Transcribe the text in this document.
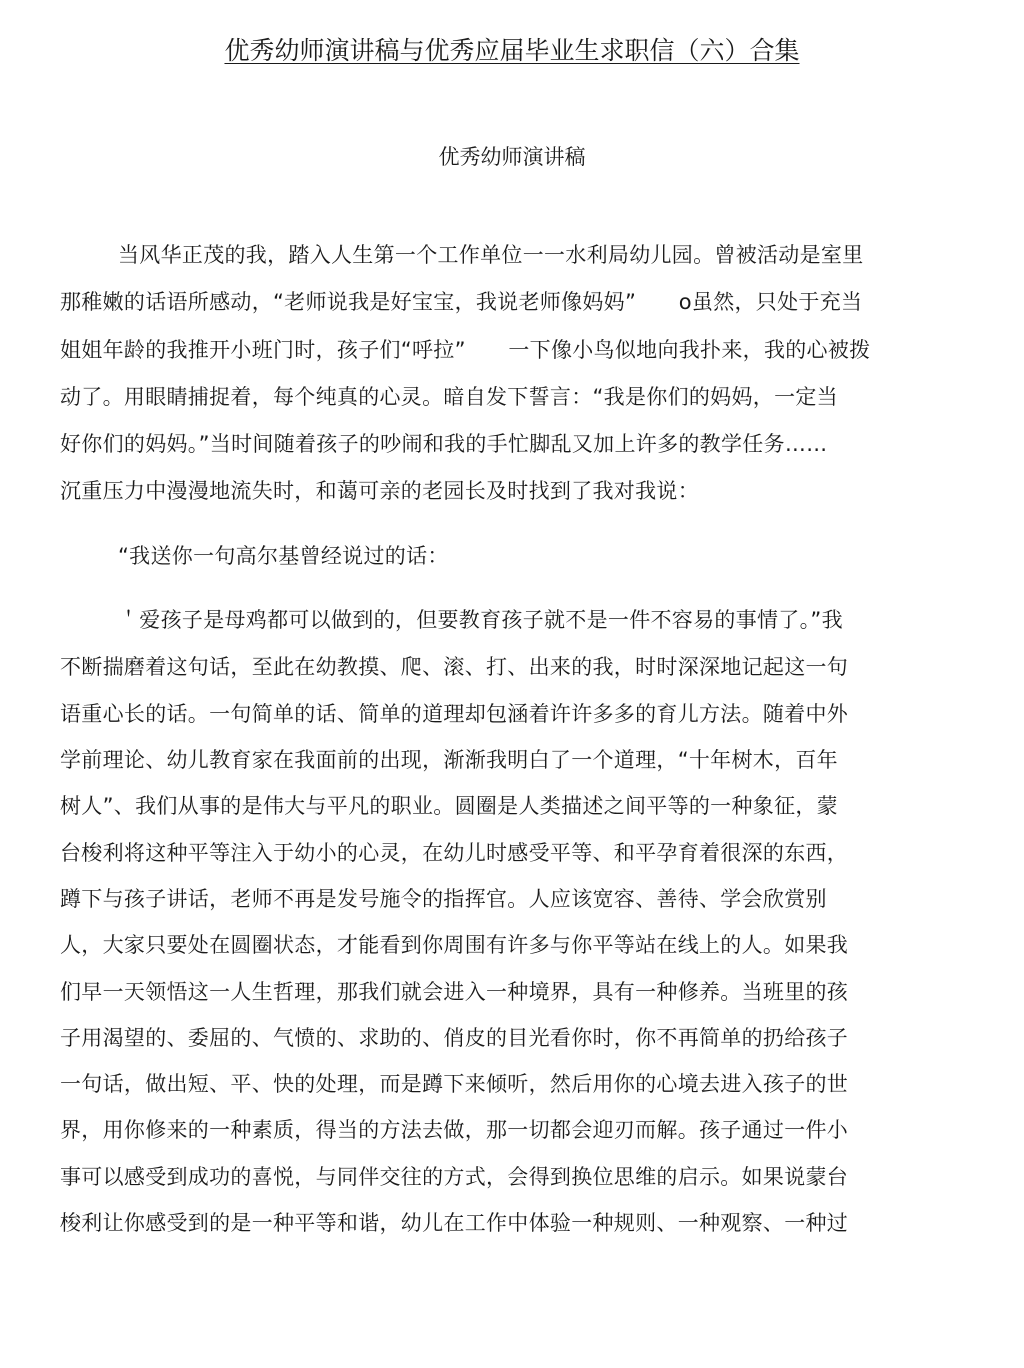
优秀幼师演讲稿与优秀应届毕业生求职信（六）合集
优秀幼师演讲稿
当风华正茂的我，踏入人生第一个工作单位一一水利局幼儿园。曾被活动是室里
那稚嫩的话语所感动，“老师说我是好宝宝，我说老师像妈妈”　　o虽然，只处于充当
姐姐年龄的我推开小班门时，孩子们“呼拉”　　一下像小鸟似地向我扑来，我的心被拨
动了。用眼睛捕捉着，每个纯真的心灵。暗自发下誓言：“我是你们的妈妈，一定当
好你们的妈妈。”当时间随着孩子的吵闹和我的手忙脚乱又加上许多的教学任务……
沉重压力中漫漫地流失时，和蔼可亲的老园长及时找到了我对我说：
“我送你一句高尔基曾经说过的话：
＇爱孩子是母鸡都可以做到的，但要教育孩子就不是一件不容易的事情了。”我
不断揣磨着这句话，至此在幼教摸、爬、滚、打、出来的我，时时深深地记起这一句
语重心长的话。一句简单的话、简单的道理却包涵着许许多多的育儿方法。随着中外
学前理论、幼儿教育家在我面前的出现，渐渐我明白了一个道理，“十年树木，百年
树人”、我们从事的是伟大与平凡的职业。圆圈是人类描述之间平等的一种象征，蒙
台梭利将这种平等注入于幼小的心灵，在幼儿时感受平等、和平孕育着很深的东西，
蹲下与孩子讲话，老师不再是发号施令的指挥官。人应该宽容、善待、学会欣赏别
人，大家只要处在圆圈状态，才能看到你周围有许多与你平等站在线上的人。如果我
们早一天领悟这一人生哲理，那我们就会进入一种境界，具有一种修养。当班里的孩
子用渴望的、委屈的、气愤的、求助的、俏皮的目光看你时，你不再简单的扔给孩子
一句话，做出短、平、快的处理，而是蹲下来倾听，然后用你的心境去进入孩子的世
界，用你修来的一种素质，得当的方法去做，那一切都会迎刃而解。孩子通过一件小
事可以感受到成功的喜悦，与同伴交往的方式，会得到换位思维的启示。如果说蒙台
梭利让你感受到的是一种平等和谐，幼儿在工作中体验一种规则、一种观察、一种过
